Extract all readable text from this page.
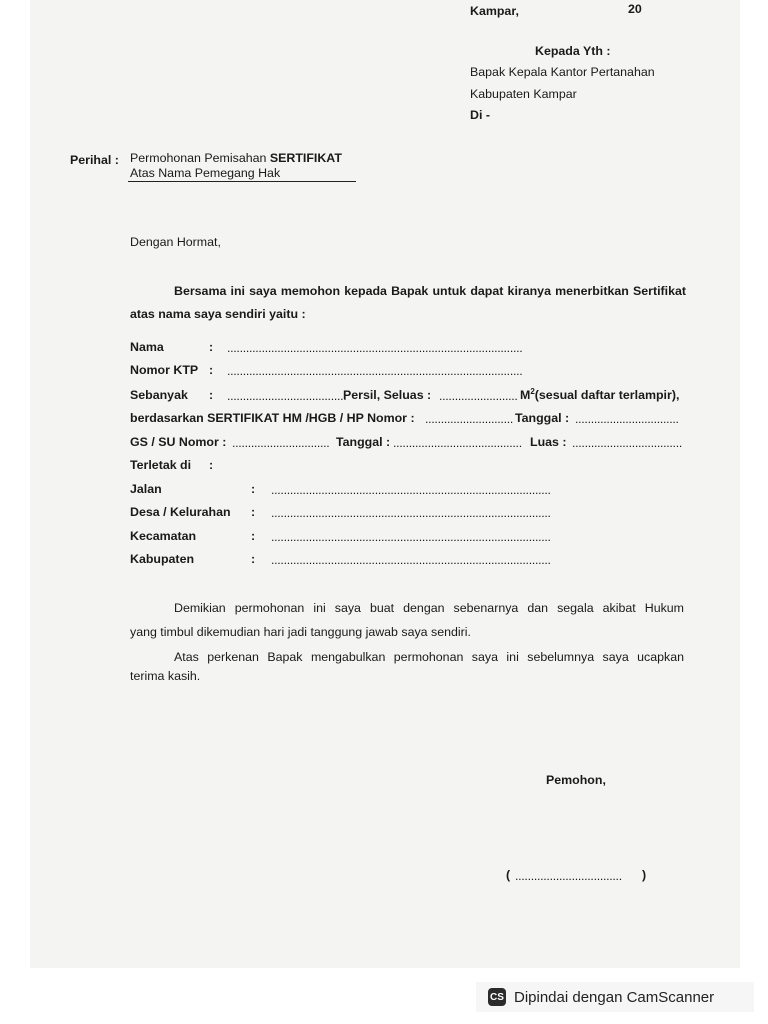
Kampar,	20
Kepada Yth :
Bapak Kepala Kantor Pertanahan
Kabupaten Kampar
Di -
Perihal : Permohonan Pemisahan SERTIFIKAT
Atas Nama Pemegang Hak
Dengan Hormat,
Bersama ini saya memohon kepada Bapak untuk dapat kiranya menerbitkan Sertifikat
atas nama saya sendiri yaitu :
Nama	: ..............................................................................................
Nomor KTP : ..............................................................................................
Sebanyak : ......................................
Persil, Seluas : ......................... $M^2(sesual$ daftar terlampir),
berdasarkan SERTIFIKAT HM /HGB / HP Nomor : ............................ Tanggal : .................................
GS / SU Nomor : ............................... Tanggal : ......................................... Luas : ...................................
Terletak di :
Jalan	: .........................................................................................
Desa / Kelurahan : .........................................................................................
Kecamatan	: .........................................................................................
Kabupaten	: .........................................................................................
Demikian permohonan ini saya buat dengan sebenarnya dan segala akibat Hukum
yang timbul dikemudian hari jadi tanggung jawab saya sendiri.
Atas perkenan Bapak mengabulkan permohonan saya ini sebelumnya saya ucapkan
terima kasih.
Pemohon,
( .................................. )
CS Dipindai dengan CamScanner
